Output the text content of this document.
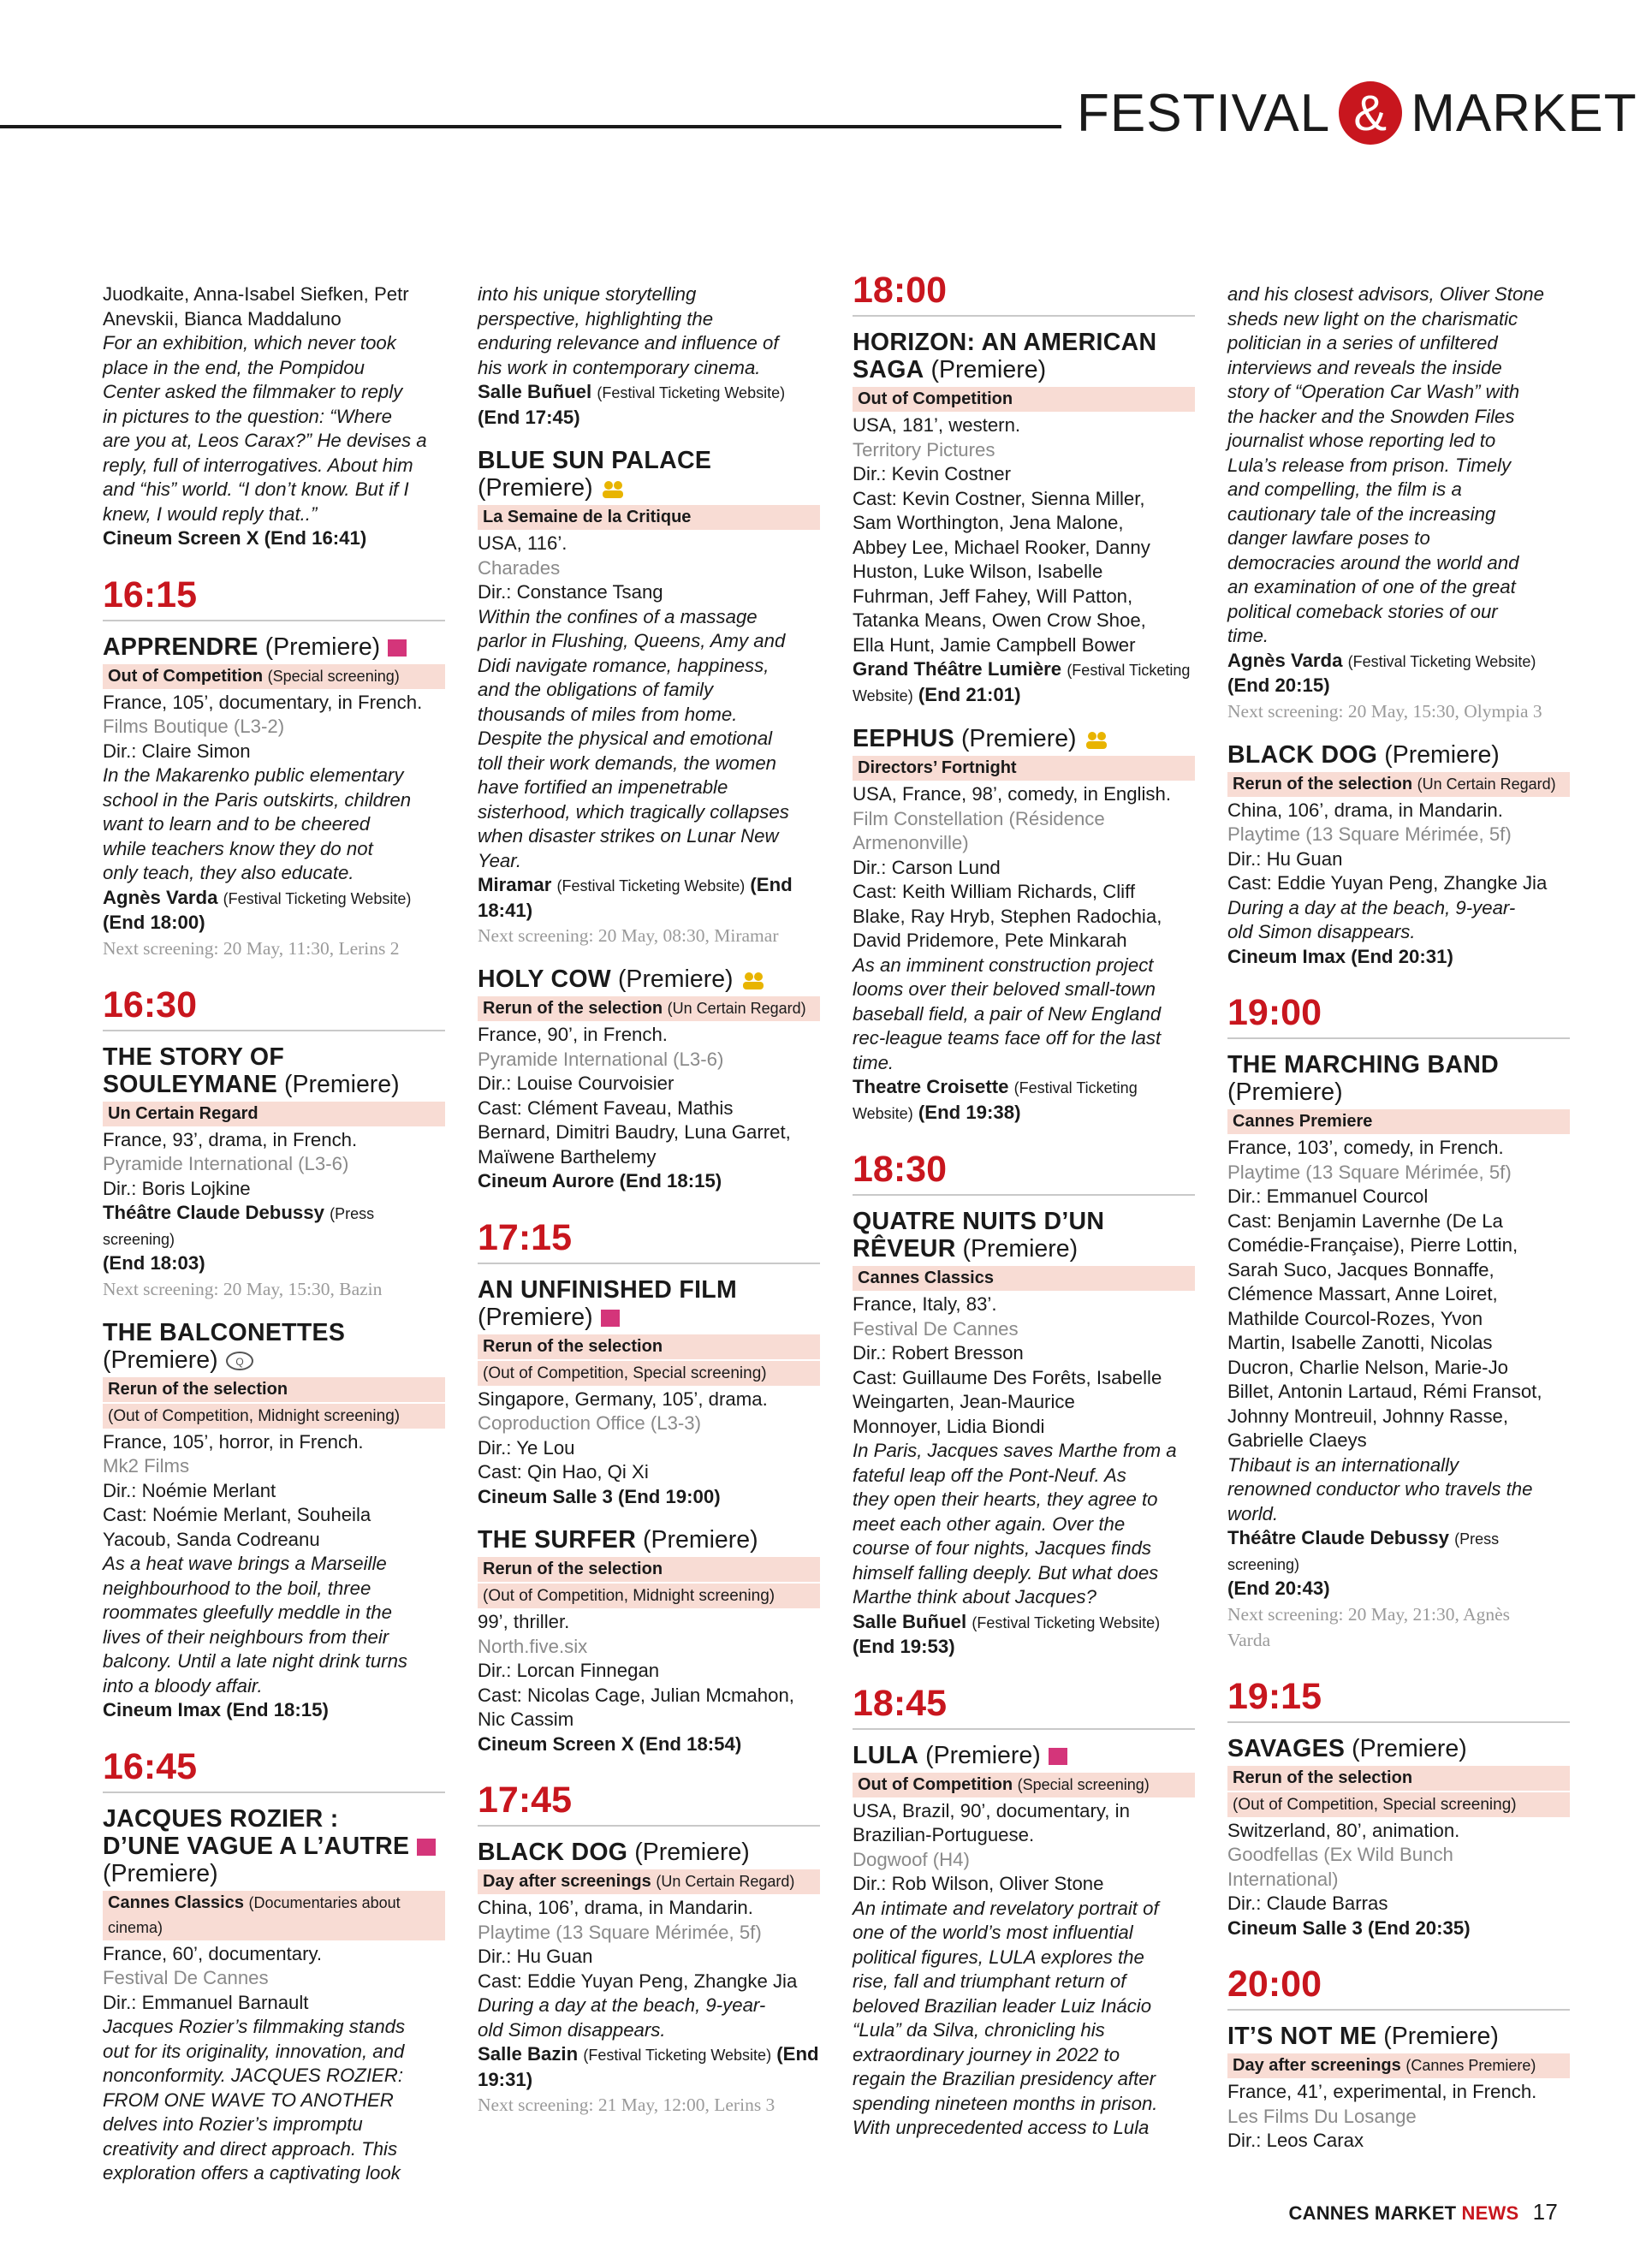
FESTIVAL & MARKET
Juodkaite, Anna-Isabel Siefken, Petr
Anevskii, Bianca Maddaluno
For an exhibition, which never took
place in the end, the Pompidou
Center asked the filmmaker to reply
in pictures to the question: “Where
are you at, Leos Carax?” He devises a
reply, full of interrogatives. About him
and “his” world. “I don’t know. But if I
knew, I would reply that..”
Cineum Screen X (End 16:41)
16:15
APPRENDRE (Premiere)
Out of Competition (Special screening)
France, 105’, documentary, in French.
Films Boutique (L3-2)
Dir.: Claire Simon
In the Makarenko public elementary
school in the Paris outskirts, children
want to learn and to be cheered
while teachers know they do not
only teach, they also educate.
Agnès Varda (Festival Ticketing Website)
(End 18:00)
Next screening: 20 May, 11:30, Lerins 2
16:30
THE STORY OF
SOULEYMANE (Premiere)
Un Certain Regard
France, 93’, drama, in French.
Pyramide International (L3-6)
Dir.: Boris Lojkine
Théâtre Claude Debussy (Press screening)
(End 18:03)
Next screening: 20 May, 15:30, Bazin
THE BALCONETTES
(Premiere) Q
Rerun of the selection
(Out of Competition, Midnight screening)
France, 105’, horror, in French.
Mk2 Films
Dir.: Noémie Merlant
Cast: Noémie Merlant, Souheila
Yacoub, Sanda Codreanu
As a heat wave brings a Marseille
neighbourhood to the boil, three
roommates gleefully meddle in the
lives of their neighbours from their
balcony. Until a late night drink turns
into a bloody affair.
Cineum Imax (End 18:15)
16:45
JACQUES ROZIER :
D’UNE VAGUE A L’AUTRE
(Premiere)
Cannes Classics (Documentaries about cinema)
France, 60’, documentary.
Festival De Cannes
Dir.: Emmanuel Barnault
Jacques Rozier’s filmmaking stands
out for its originality, innovation, and
nonconformity. JACQUES ROZIER:
FROM ONE WAVE TO ANOTHER
delves into Rozier’s impromptu
creativity and direct approach. This
exploration offers a captivating look
into his unique storytelling
perspective, highlighting the
enduring relevance and influence of
his work in contemporary cinema.
Salle Buñuel (Festival Ticketing Website)
(End 17:45)
BLUE SUN PALACE
(Premiere)
La Semaine de la Critique
USA, 116’.
Charades
Dir.: Constance Tsang
Within the confines of a massage
parlor in Flushing, Queens, Amy and
Didi navigate romance, happiness,
and the obligations of family
thousands of miles from home.
Despite the physical and emotional
toll their work demands, the women
have fortified an impenetrable
sisterhood, which tragically collapses
when disaster strikes on Lunar New
Year.
Miramar (Festival Ticketing Website) (End
18:41)
Next screening: 20 May, 08:30, Miramar
HOLY COW (Premiere)
Rerun of the selection (Un Certain Regard)
France, 90’, in French.
Pyramide International (L3-6)
Dir.: Louise Courvoisier
Cast: Clément Faveau, Mathis
Bernard, Dimitri Baudry, Luna Garret,
Maïwene Barthelemy
Cineum Aurore (End 18:15)
17:15
AN UNFINISHED FILM
(Premiere)
Rerun of the selection
(Out of Competition, Special screening)
Singapore, Germany, 105’, drama.
Coproduction Office (L3-3)
Dir.: Ye Lou
Cast: Qin Hao, Qi Xi
Cineum Salle 3 (End 19:00)
THE SURFER (Premiere)
Rerun of the selection
(Out of Competition, Midnight screening)
99’, thriller.
North.five.six
Dir.: Lorcan Finnegan
Cast: Nicolas Cage, Julian Mcmahon,
Nic Cassim
Cineum Screen X (End 18:54)
17:45
BLACK DOG (Premiere)
Day after screenings (Un Certain Regard)
China, 106’, drama, in Mandarin.
Playtime (13 Square Mérimée, 5f)
Dir.: Hu Guan
Cast: Eddie Yuyan Peng, Zhangke Jia
During a day at the beach, 9-year-
old Simon disappears.
Salle Bazin (Festival Ticketing Website) (End
19:31)
Next screening: 21 May, 12:00, Lerins 3
18:00
HORIZON: AN AMERICAN
SAGA (Premiere)
Out of Competition
USA, 181’, western.
Territory Pictures
Dir.: Kevin Costner
Cast: Kevin Costner, Sienna Miller,
Sam Worthington, Jena Malone,
Abbey Lee, Michael Rooker, Danny
Huston, Luke Wilson, Isabelle
Fuhrman, Jeff Fahey, Will Patton,
Tatanka Means, Owen Crow Shoe,
Ella Hunt, Jamie Campbell Bower
Grand Théâtre Lumière (Festival Ticketing
Website) (End 21:01)
EEPHUS (Premiere)
Directors’ Fortnight
USA, France, 98’, comedy, in English.
Film Constellation (Résidence
Armenonville)
Dir.: Carson Lund
Cast: Keith William Richards, Cliff
Blake, Ray Hryb, Stephen Radochia,
David Pridemore, Pete Minkarah
As an imminent construction project
looms over their beloved small-town
baseball field, a pair of New England
rec-league teams face off for the last
time.
Theatre Croisette (Festival Ticketing
Website) (End 19:38)
18:30
QUATRE NUITS D’UN
RÊVEUR (Premiere)
Cannes Classics
France, Italy, 83’.
Festival De Cannes
Dir.: Robert Bresson
Cast: Guillaume Des Forêts, Isabelle
Weingarten, Jean-Maurice
Monnoyer, Lidia Biondi
In Paris, Jacques saves Marthe from a
fateful leap off the Pont-Neuf. As
they open their hearts, they agree to
meet each other again. Over the
course of four nights, Jacques finds
himself falling deeply. But what does
Marthe think about Jacques?
Salle Buñuel (Festival Ticketing Website)
(End 19:53)
18:45
LULA (Premiere)
Out of Competition (Special screening)
USA, Brazil, 90’, documentary, in
Brazilian-Portuguese.
Dogwoof (H4)
Dir.: Rob Wilson, Oliver Stone
An intimate and revelatory portrait of
one of the world’s most influential
political figures, LULA explores the
rise, fall and triumphant return of
beloved Brazilian leader Luiz Inácio
“Lula” da Silva, chronicling his
extraordinary journey in 2022 to
regain the Brazilian presidency after
spending nineteen months in prison.
With unprecedented access to Lula
and his closest advisors, Oliver Stone
sheds new light on the charismatic
politician in a series of unfiltered
interviews and reveals the inside
story of “Operation Car Wash” with
the hacker and the Snowden Files
journalist whose reporting led to
Lula’s release from prison. Timely
and compelling, the film is a
cautionary tale of the increasing
danger lawfare poses to
democracies around the world and
an examination of one of the great
political comeback stories of our
time.
Agnès Varda (Festival Ticketing Website)
(End 20:15)
Next screening: 20 May, 15:30, Olympia 3
BLACK DOG (Premiere)
Rerun of the selection (Un Certain Regard)
China, 106’, drama, in Mandarin.
Playtime (13 Square Mérimée, 5f)
Dir.: Hu Guan
Cast: Eddie Yuyan Peng, Zhangke Jia
During a day at the beach, 9-year-
old Simon disappears.
Cineum Imax (End 20:31)
19:00
THE MARCHING BAND
(Premiere)
Cannes Premiere
France, 103’, comedy, in French.
Playtime (13 Square Mérimée, 5f)
Dir.: Emmanuel Courcol
Cast: Benjamin Lavernhe (De La
Comédie-Française), Pierre Lottin,
Sarah Suco, Jacques Bonnaffe,
Clémence Massart, Anne Loiret,
Mathilde Courcol-Rozes, Yvon
Martin, Isabelle Zanotti, Nicolas
Ducron, Charlie Nelson, Marie-Jo
Billet, Antonin Lartaud, Rémi Fransot,
Johnny Montreuil, Johnny Rasse,
Gabrielle Claeys
Thibaut is an internationally
renowned conductor who travels the
world.
Théâtre Claude Debussy (Press screening)
(End 20:43)
Next screening: 20 May, 21:30, Agnès
Varda
19:15
SAVAGES (Premiere)
Rerun of the selection
(Out of Competition, Special screening)
Switzerland, 80’, animation.
Goodfellas (Ex Wild Bunch
International)
Dir.: Claude Barras
Cineum Salle 3 (End 20:35)
20:00
IT’S NOT ME (Premiere)
Day after screenings (Cannes Premiere)
France, 41’, experimental, in French.
Les Films Du Losange
Dir.: Leos Carax
CANNES MARKET NEWS 17
